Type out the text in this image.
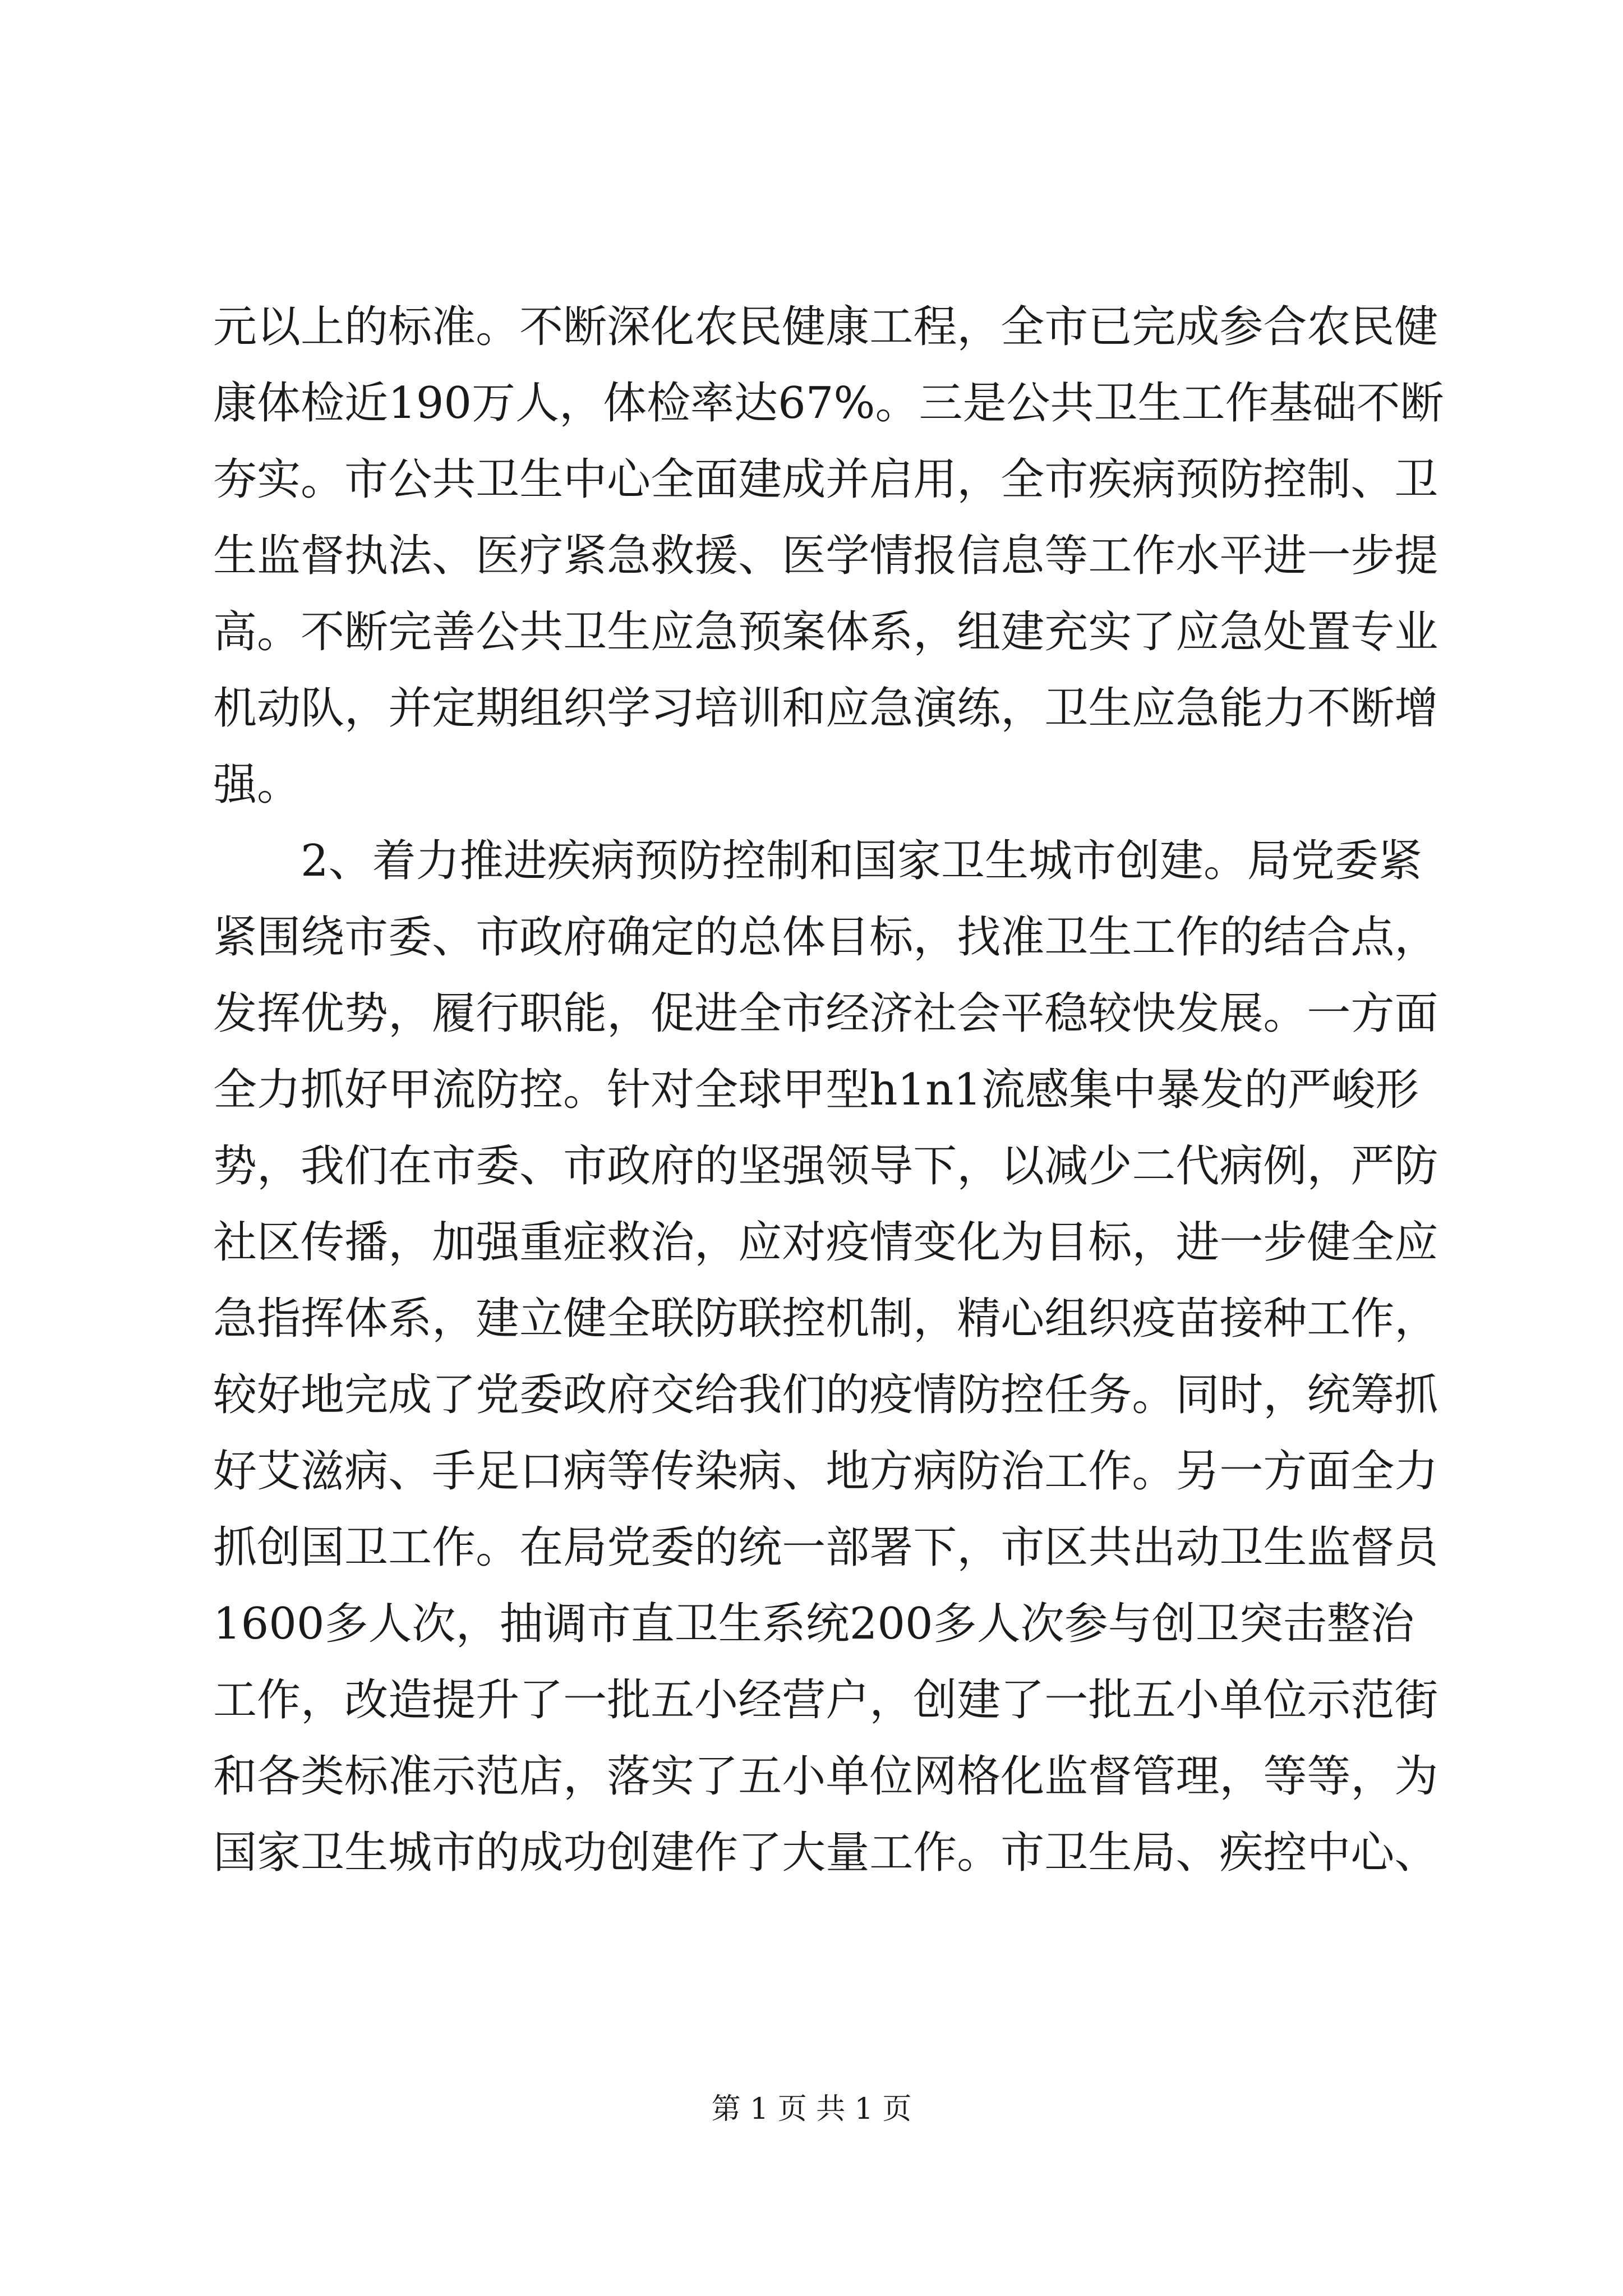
元 以 上 的 标 准 。 不 断 深 化 农 民 健 康 工 程 ， 全 市 已 完 成 参 合 农 民 健
康 体 检 近 190 万 人 ， 体 检 率 达 67% 。 三 是 公 共 卫 生 工 作 基 础 不 断
夯 实 。 市 公 共 卫 生 中 心 全 面 建 成 并 启 用 ， 全 市 疾 病 预 防 控 制 、 卫
生 监 督 执 法 、 医 疗 紧 急 救 援 、 医 学 情 报 信 息 等 工 作 水 平 进 一 步 提
高 。 不 断 完 善 公 共 卫 生 应 急 预 案 体 系 ， 组 建 充 实 了 应 急 处 置 专 业
机 动 队 ， 并 定 期 组 织 学 习 培 训 和 应 急 演 练 ， 卫 生 应 急 能 力 不 断 增
强。
2 、 着 力 推 进 疾 病 预 防 控 制 和 国 家 卫 生 城 市 创 建 。 局 党 委 紧
紧 围 绕 市 委 、 市 政 府 确 定 的 总 体 目 标 ， 找 准 卫 生 工 作 的 结 合 点 ，
发 挥 优 势 ， 履 行 职 能 ， 促 进 全 市 经 济 社 会 平 稳 较 快 发 展 。 一 方 面
全 力 抓 好 甲 流 防 控 。 针 对 全 球 甲 型 h1n1 流 感 集 中 暴 发 的 严 峻 形
势 ， 我 们 在 市 委 、 市 政 府 的 坚 强 领 导 下 ， 以 减 少 二 代 病 例 ， 严 防
社 区 传 播 ， 加 强 重 症 救 治 ， 应 对 疫 情 变 化 为 目 标 ， 进 一 步 健 全 应
急 指 挥 体 系 ， 建 立 健 全 联 防 联 控 机 制 ， 精 心 组 织 疫 苗 接 种 工 作 ，
较 好 地 完 成 了 党 委 政 府 交 给 我 们 的 疫 情 防 控 任 务 。 同 时 ， 统 筹 抓
好 艾 滋 病 、 手 足 口 病 等 传 染 病 、 地 方 病 防 治 工 作 。 另 一 方 面 全 力
抓 创 国 卫 工 作 。 在 局 党 委 的 统 一 部 署 下 ， 市 区 共 出 动 卫 生 监 督 员
1600 多 人 次 ， 抽 调 市 直 卫 生 系 统 200 多 人 次 参 与 创 卫 突 击 整 治
工 作 ， 改 造 提 升 了 一 批 五 小 经 营 户 ， 创 建 了 一 批 五 小 单 位 示 范 街
和 各 类 标 准 示 范 店 ， 落 实 了 五 小 单 位 网 格 化 监 督 管 理 ， 等 等 ， 为
国 家 卫 生 城 市 的 成 功 创 建 作 了 大 量 工 作 。 市 卫 生 局 、 疾 控 中 心 、
第 1 页 共 1 页
